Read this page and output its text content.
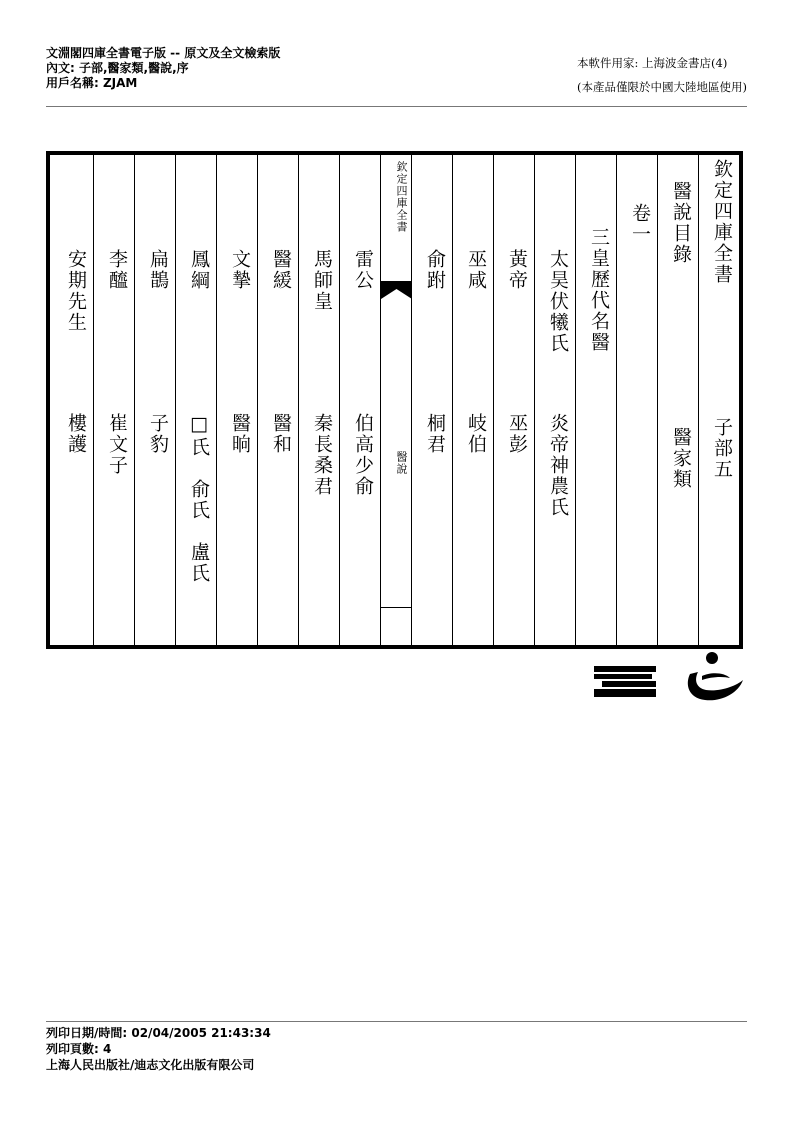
文淵閣四庫全書電子版 -- 原文及全文檢索版
內文: 子部,醫家類,醫說,序
用戶名稱: ZJAM
本軟件用家: 上海波金書店(4)
(本產品僅限於中國大陸地區使用)
欽定四庫全書
子部五
醫說目錄
醫家類
卷一
三皇歷代名醫
太昊伏犧氏
炎帝神農氏
黃帝
巫彭
巫咸
岐伯
俞跗
桐君
欽定四庫全書
醫說
雷公
伯高少俞
馬師皇
秦長桑君
醫緩
醫和
文摯
醫晌
鳳綱
□氏　俞氏　盧氏
扁鵲
子豹
李醯
崔文子
安期先生
樓護
列印日期/時間: 02/04/2005 21:43:34
列印頁數: 4
上海人民出版社/迪志文化出版有限公司
